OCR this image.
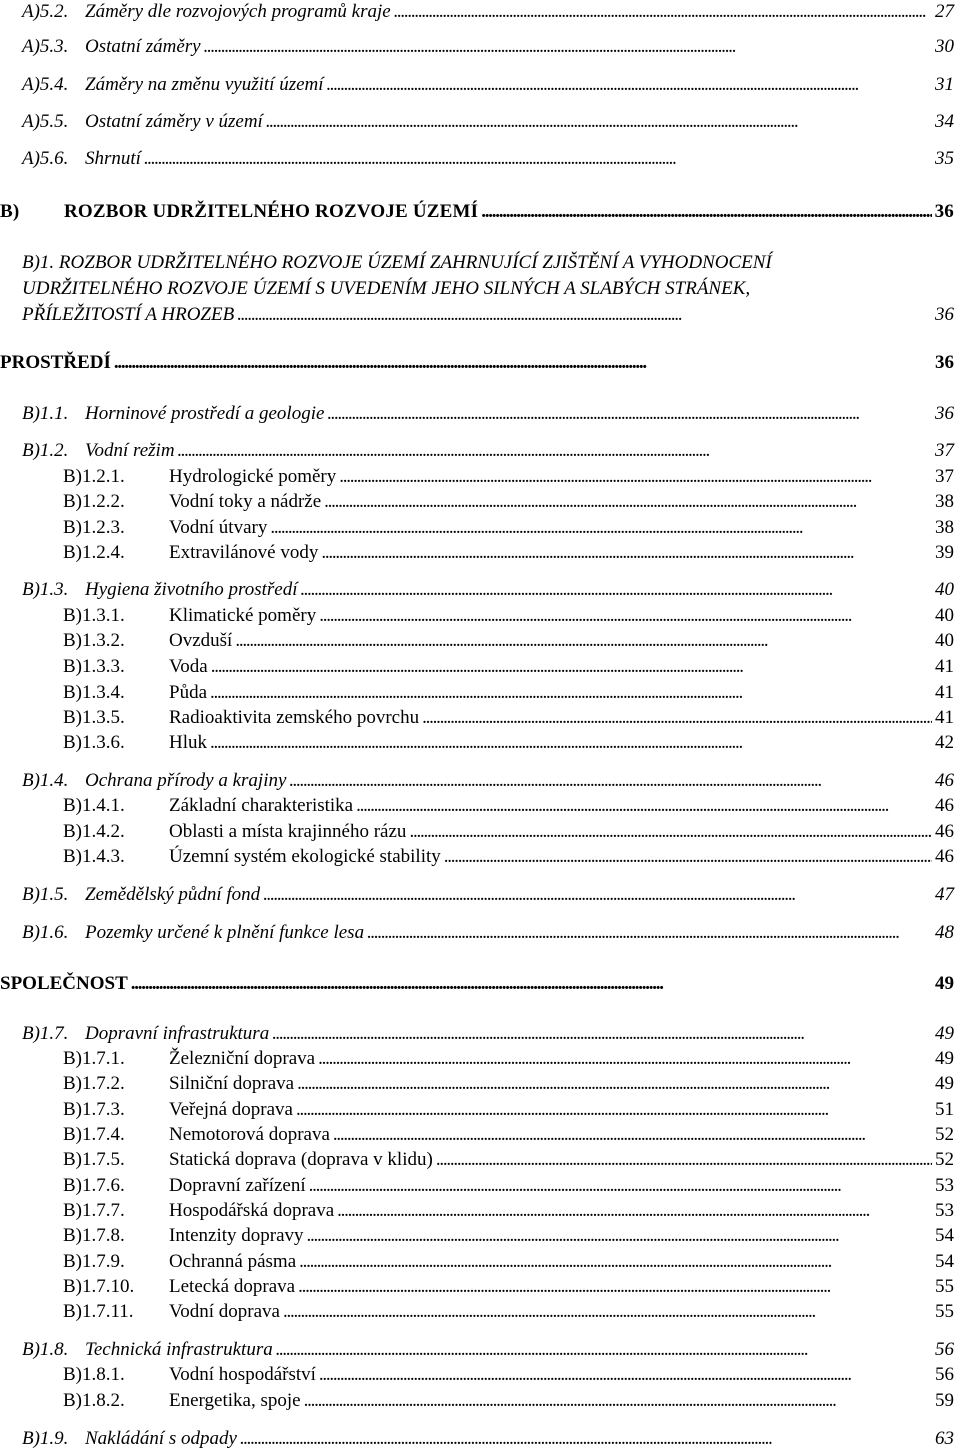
A)5.2. Záměry dle rozvojových programů kraje . . .	27
A)5.3. Ostatní záměry . . .	30
A)5.4. Záměry na změnu využití území . . .	31
A)5.5. Ostatní záměry v území . . .	34
A)5.6. Shrnutí . . .	35
B)	ROZBOR UDRŽITELNÉHO ROZVOJE ÚZEMÍ . . .	36
B)1. ROZBOR UDRŽITELNÉHO ROZVOJE ÚZEMÍ ZAHRNUJÍCÍ ZJIŠTĚNÍ A VYHODNOCENÍ
UDRŽITELNÉHO ROZVOJE ÚZEMÍ S UVEDENÍM JEHO SILNÝCH A SLABÝCH STRÁNEK,
PŘÍLEŽITOSTÍ A HROZEB . . .	36
PROSTŘEDÍ . . .	36
B)1.1. Horninové prostředí a geologie . . .	36
B)1.2. Vodní režim . . .	37
B)1.2.1.	Hydrologické poměry . . .	37
B)1.2.2.	Vodní toky a nádrže . . .	38
B)1.2.3.	Vodní útvary . . .	38
B)1.2.4.	Extravilánové vody . . .	39
B)1.3. Hygiena životního prostředí . . .	40
B)1.3.1.	Klimatické poměry . . .	40
B)1.3.2.	Ovzduší . . .	40
B)1.3.3.	Voda . . .	41
B)1.3.4.	Půda . . .	41
B)1.3.5.	Radioaktivita zemského povrchu . . .	41
B)1.3.6.	Hluk . . .	42
B)1.4. Ochrana přírody a krajiny . . .	46
B)1.4.1.	Základní charakteristika . . .	46
B)1.4.2.	Oblasti a místa krajinného rázu . . .	46
B)1.4.3.	Územní systém ekologické stability . . .	46
B)1.5. Zemědělský půdní fond . . .	47
B)1.6. Pozemky určené k plnění funkce lesa . . .	48
SPOLEČNOST . . .	49
B)1.7. Dopravní infrastruktura . . .	49
B)1.7.1.	Železniční doprava . . .	49
B)1.7.2.	Silniční doprava . . .	49
B)1.7.3.	Veřejná doprava . . .	51
B)1.7.4.	Nemotorová doprava . . .	52
B)1.7.5.	Statická doprava (doprava v klidu) . . .	52
B)1.7.6.	Dopravní zařízení . . .	53
B)1.7.7.	Hospodářská doprava . . .	53
B)1.7.8.	Intenzity dopravy . . .	54
B)1.7.9.	Ochranná pásma . . .	54
B)1.7.10.	Letecká doprava . . .	55
B)1.7.11.	Vodní doprava . . .	55
B)1.8. Technická infrastruktura . . .	56
B)1.8.1.	Vodní hospodářství . . .	56
B)1.8.2.	Energetika, spoje . . .	59
B)1.9. Nakládání s odpady . . .	63
